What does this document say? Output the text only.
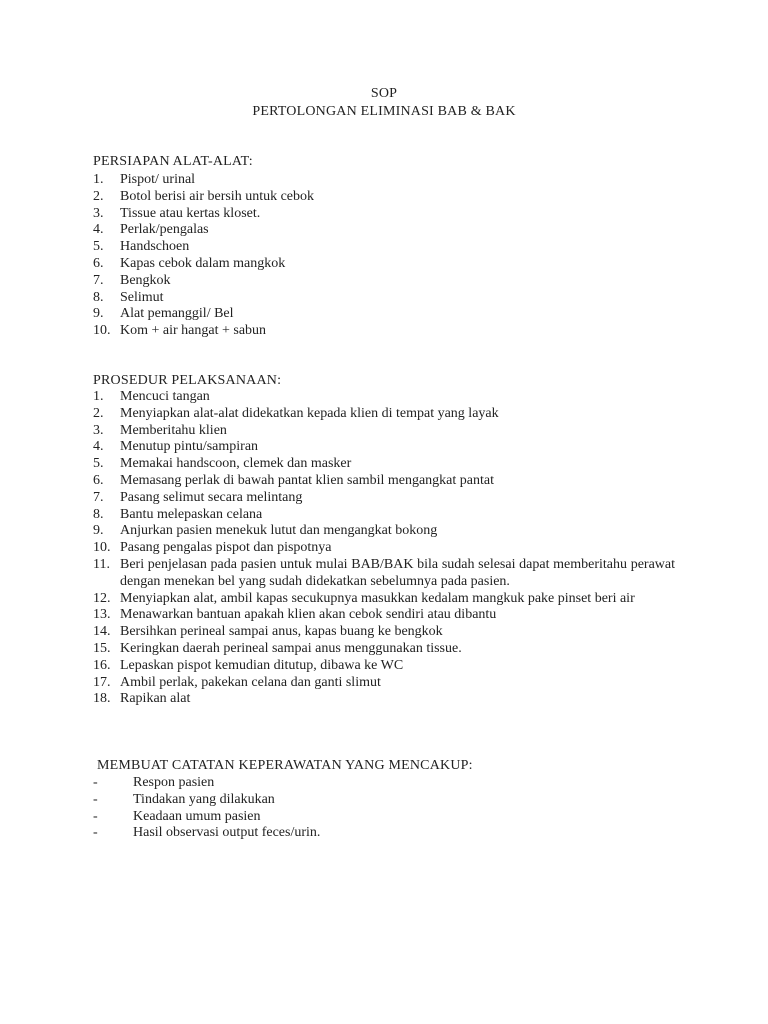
SOP
PERTOLONGAN ELIMINASI BAB & BAK
PERSIAPAN ALAT-ALAT:
1.	Pispot/ urinal
2.	Botol berisi air bersih untuk cebok
3.	Tissue atau kertas kloset.
4.	Perlak/pengalas
5.	Handschoen
6.	Kapas cebok dalam mangkok
7.	Bengkok
8.	Selimut
9.	Alat pemanggil/ Bel
10. Kom + air hangat + sabun
PROSEDUR PELAKSANAAN:
1.	Mencuci tangan
2.	Menyiapkan alat-alat didekatkan kepada klien di tempat yang layak
3.	Memberitahu klien
4.	Menutup pintu/sampiran
5.	Memakai handscoon, clemek dan masker
6.	Memasang perlak di bawah pantat klien sambil mengangkat pantat
7.	Pasang selimut secara melintang
8.	Bantu melepaskan celana
9.	Anjurkan pasien menekuk lutut dan mengangkat bokong
10. Pasang pengalas pispot dan pispotnya
11. Beri penjelasan pada pasien untuk mulai BAB/BAK bila sudah selesai dapat memberitahu perawat dengan menekan bel yang sudah didekatkan sebelumnya pada pasien.
12. Menyiapkan alat, ambil kapas secukupnya masukkan kedalam mangkuk pake pinset beri air
13. Menawarkan bantuan apakah klien akan cebok sendiri atau dibantu
14. Bersihkan perineal sampai anus, kapas buang ke bengkok
15. Keringkan daerah perineal sampai anus menggunakan tissue.
16. Lepaskan pispot kemudian ditutup, dibawa ke WC
17. Ambil perlak, pakekan celana dan ganti slimut
18. Rapikan alat
MEMBUAT CATATAN KEPERAWATAN YANG MENCAKUP:
-	Respon pasien
-	Tindakan yang dilakukan
-	Keadaan umum pasien
-	Hasil observasi output feces/urin.
